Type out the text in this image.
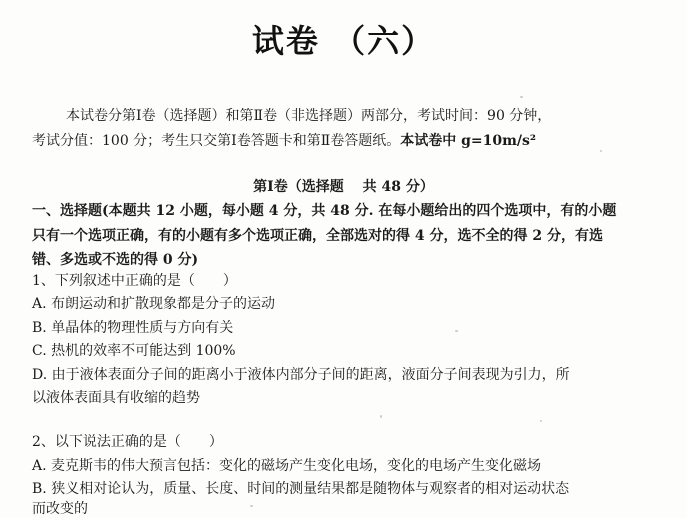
试卷 （六）
本试卷分第Ⅰ卷（选择题）和第Ⅱ卷（非选择题）两部分，考试时间：90 分钟，
考试分值：100 分；考生只交第Ⅰ卷答题卡和第Ⅱ卷答题纸。本试卷中 g=10m/s²
第Ⅰ卷（选择题　 共 48 分）
一、选择题(本题共 12 小题，每小题 4 分，共 48 分. 在每小题给出的四个选项中，有的小题
只有一个选项正确，有的小题有多个选项正确，全部选对的得 4 分，选不全的得 2 分，有选
错、多选或不选的得 0 分)
1、下列叙述中正确的是（　　）
A. 布朗运动和扩散现象都是分子的运动
B. 单晶体的物理性质与方向有关
C. 热机的效率不可能达到 100%
D. 由于液体表面分子间的距离小于液体内部分子间的距离，液面分子间表现为引力，所
以液体表面具有收缩的趋势
2、以下说法正确的是（　　）
A. 麦克斯韦的伟大预言包括：变化的磁场产生变化电场，变化的电场产生变化磁场
B. 狭义相对论认为，质量、长度、时间的测量结果都是随物体与观察者的相对运动状态
而改变的
